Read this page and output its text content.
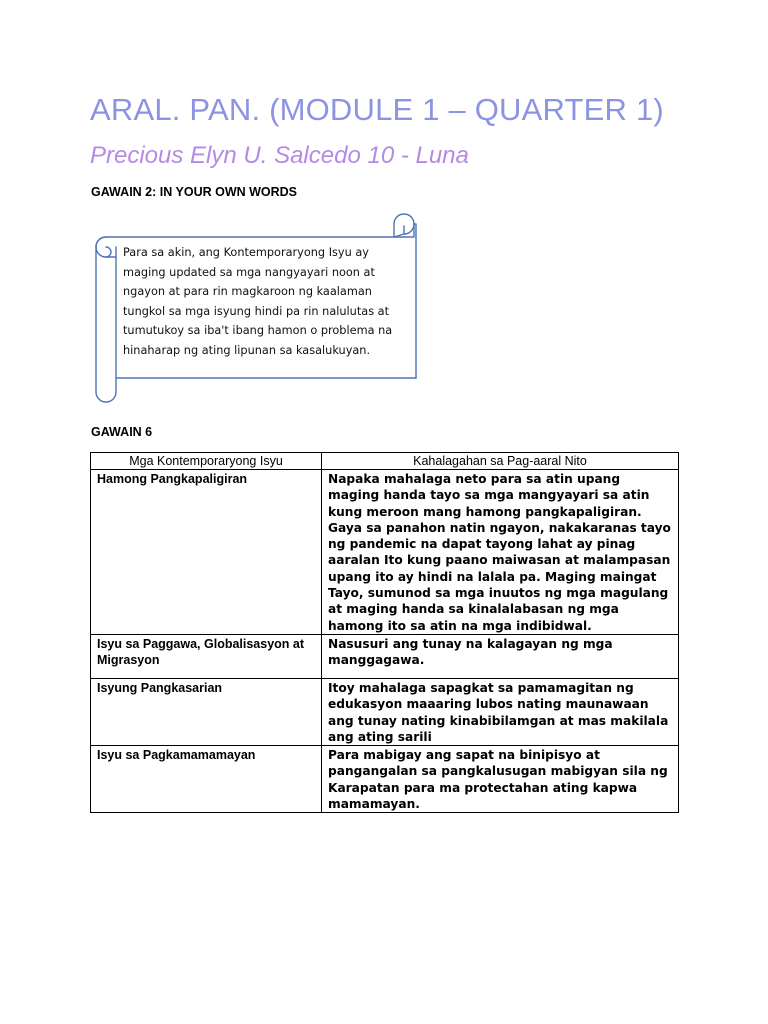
ARAL. PAN. (MODULE 1 – QUARTER 1)
Precious Elyn U. Salcedo 10 - Luna
GAWAIN 2: IN YOUR OWN WORDS

Para sa akin, ang Kontemporaryong Isyu ay maging updated sa mga nangyayari noon at ngayon at para rin magkaroon ng kaalaman tungkol sa mga isyung hindi pa rin nalulutas at tumutukoy sa iba't ibang hamon o problema na hinaharap ng ating lipunan sa kasalukuyan.

GAWAIN 6
Mga Kontemporaryong Isyu	Kahalagahan sa Pag-aaral Nito
Hamong Pangkapaligiran	Napaka mahalaga neto para sa atin upang maging handa tayo sa mga mangyayari sa atin kung meroon mang hamong pangkapaligiran. Gaya sa panahon natin ngayon, nakakaranas tayo ng pandemic na dapat tayong lahat ay pinag aaralan Ito kung paano maiwasan at malampasan upang ito ay hindi na lalala pa. Maging maingat Tayo, sumunod sa mga inuutos ng mga magulang at maging handa sa kinalalabasan ng mga hamong ito sa atin na mga indibidwal.
Isyu sa Paggawa, Globalisasyon at Migrasyon	Nasusuri ang tunay na kalagayan ng mga manggagawa.
Isyung Pangkasarian	Itoy mahalaga sapagkat sa pamamagitan ng edukasyon maaaring lubos nating maunawaan ang tunay nating kinabibilamgan at mas makilala ang ating sarili
Isyu sa Pagkamamamayan	Para mabigay ang sapat na binipisyo at pangangalan sa pangkalusugan mabigyan sila ng Karapatan para ma protectahan ating kapwa mamamayan.
